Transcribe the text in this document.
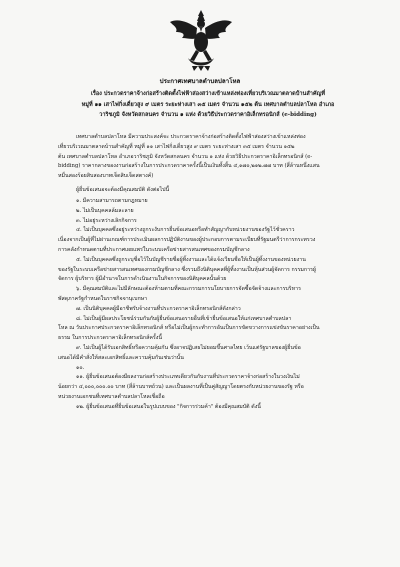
ประกาศเทศบาลตำบลปลาโหล

เรื่อง ประกวดราคาจ้างก่อสร้างติดตั้งไฟฟ้าส่องสว่างเข้าแหล่งท่องเที่ยวบริเวณมาตลาดบ้านสำคัญที่

หมู่ที่ ๑๑ เสาไฟกิ่งเดี่ยวสูง ๙ เมตร ระยะห่างเสา ๓๕ เมตร จำนวน ๑๕๒ ต้น เทศบาลตำบลปลาโหล อำเภอ

วาริชภูมิ จังหวัดสกลนคร จำนวน ๑ แห่ง ด้วยวิธีประกวดราคาอิเล็กทรอนิกส์ (e-bidding)

เทศบาลตำบลปลาโหล มีความประสงค์จะ ประกวดราคาจ้างก่อสร้างติดตั้งไฟฟ้าส่องสว่างเข้าแหล่งท่อง

เที่ยวบริเวณมาตลาดบ้านสำคัญที่ หมู่ที่ ๑๑ เสาไฟกิ่งเดี่ยวสูง ๙ เมตร ระยะห่างเสา ๓๕ เมตร จำนวน ๑๕๒

ต้น เทศบาลตำบลปลาโหล อำเภอวาริชภูมิ จังหวัดสกลนคร จำนวน ๑ แห่ง ด้วยวิธีประกวดราคาอิเล็กทรอนิกส์ (e-

bidding) ราคากลางของงานก่อสร้างในการประกวดราคาครั้งนี้เป็นเงินทั้งสิ้น ๔,๑๗๐,๒๑๒.๗๗ บาท (สี่ล้านหนึ่งแสน

หมื่นสองร้อยสิบสองบาทเจ็ดสิบเจ็ดสตางค์)

ผู้ยื่นข้อเสนอจะต้องมีคุณสมบัติ ดังต่อไปนี้

๑. มีความสามารถตามกฎหมาย

๒. ไม่เป็นบุคคลล้มละลาย

๓. ไม่อยู่ระหว่างเลิกกิจการ

๔. ไม่เป็นบุคคลซึ่งอยู่ระหว่างถูกระงับการยื่นข้อเสนอหรือทำสัญญากับหน่วยงานของรัฐไว้ชั่วคราว

เนื่องจากเป็นผู้ที่ไม่ผ่านเกณฑ์การประเมินผลการปฏิบัติงานของผู้ประกอบการตามระเบียบที่รัฐมนตรีว่าการกระทรวง

การคลังกำหนดตามที่ประกาศเผยแพร่ในระบบเครือข่ายสารสนเทศของกรมบัญชีกลาง

๕. ไม่เป็นบุคคลซึ่งถูกระบุชื่อไว้ในบัญชีรายชื่อผู้ทิ้งงานและได้แจ้งเวียนชื่อให้เป็นผู้ทิ้งงานของหน่วยงาน

ของรัฐในระบบเครือข่ายสารสนเทศของกรมบัญชีกลาง ซึ่งรวมถึงนิติบุคคลที่ผู้ทิ้งงานเป็นหุ้นส่วนผู้จัดการ กรรมการผู้

จัดการ ผู้บริหาร ผู้มีอำนาจในการดำเนินงานในกิจการของนิติบุคคลนั้นด้วย

๖. มีคุณสมบัติและไม่มีลักษณะต้องห้ามตามที่คณะกรรมการนโยบายการจัดซื้อจัดจ้างและการบริหาร

พัสดุภาครัฐกำหนดในราชกิจจานุเบกษา

๗. เป็นนิติบุคคลผู้มีอาชีพรับจ้างงานที่ประกวดราคาอิเล็กทรอนิกส์ดังกล่าว

๘. ไม่เป็นผู้มีผลประโยชน์ร่วมกันกับผู้ยื่นข้อเสนอรายอื่นที่เข้ายื่นข้อเสนอให้แก่เทศบาลตำบลปลา

โหล ณ วันประกาศประกวดราคาอิเล็กทรอนิกส์ หรือไม่เป็นผู้กระทำการอันเป็นการขัดขวางการแข่งขันราคาอย่างเป็น

ธรรม ในการประกวดราคาอิเล็กทรอนิกส์ครั้งนี้

๙. ไม่เป็นผู้ได้รับเอกสิทธิ์หรือความคุ้มกัน ซึ่งอาจปฏิเสธไม่ยอมขึ้นศาลไทย เว้นแต่รัฐบาลของผู้ยื่นข้อ

เสนอได้มีคำสั่งให้สละเอกสิทธิ์และความคุ้มกันเช่นว่านั้น

๑๐.

๑๑. ผู้ยื่นข้อเสนอต้องมีผลงานก่อสร้างประเภทเดียวกันกับงานที่ประกวดราคาจ้างก่อสร้างในวงเงินไม่

น้อยกว่า ๔,๐๐๐,๐๐๐.๐๐ บาท (สี่ล้านบาทถ้วน) และเป็นผลงานที่เป็นคู่สัญญาโดยตรงกับหน่วยงานของรัฐ หรือ

หน่วยงานเอกชนที่เทศบาลตำบลปลาโหลเชื่อถือ

๑๒. ผู้ยื่นข้อเสนอที่ยื่นข้อเสนอในรูปแบบของ "กิจการร่วมค้า" ต้องมีคุณสมบัติ ดังนี้
